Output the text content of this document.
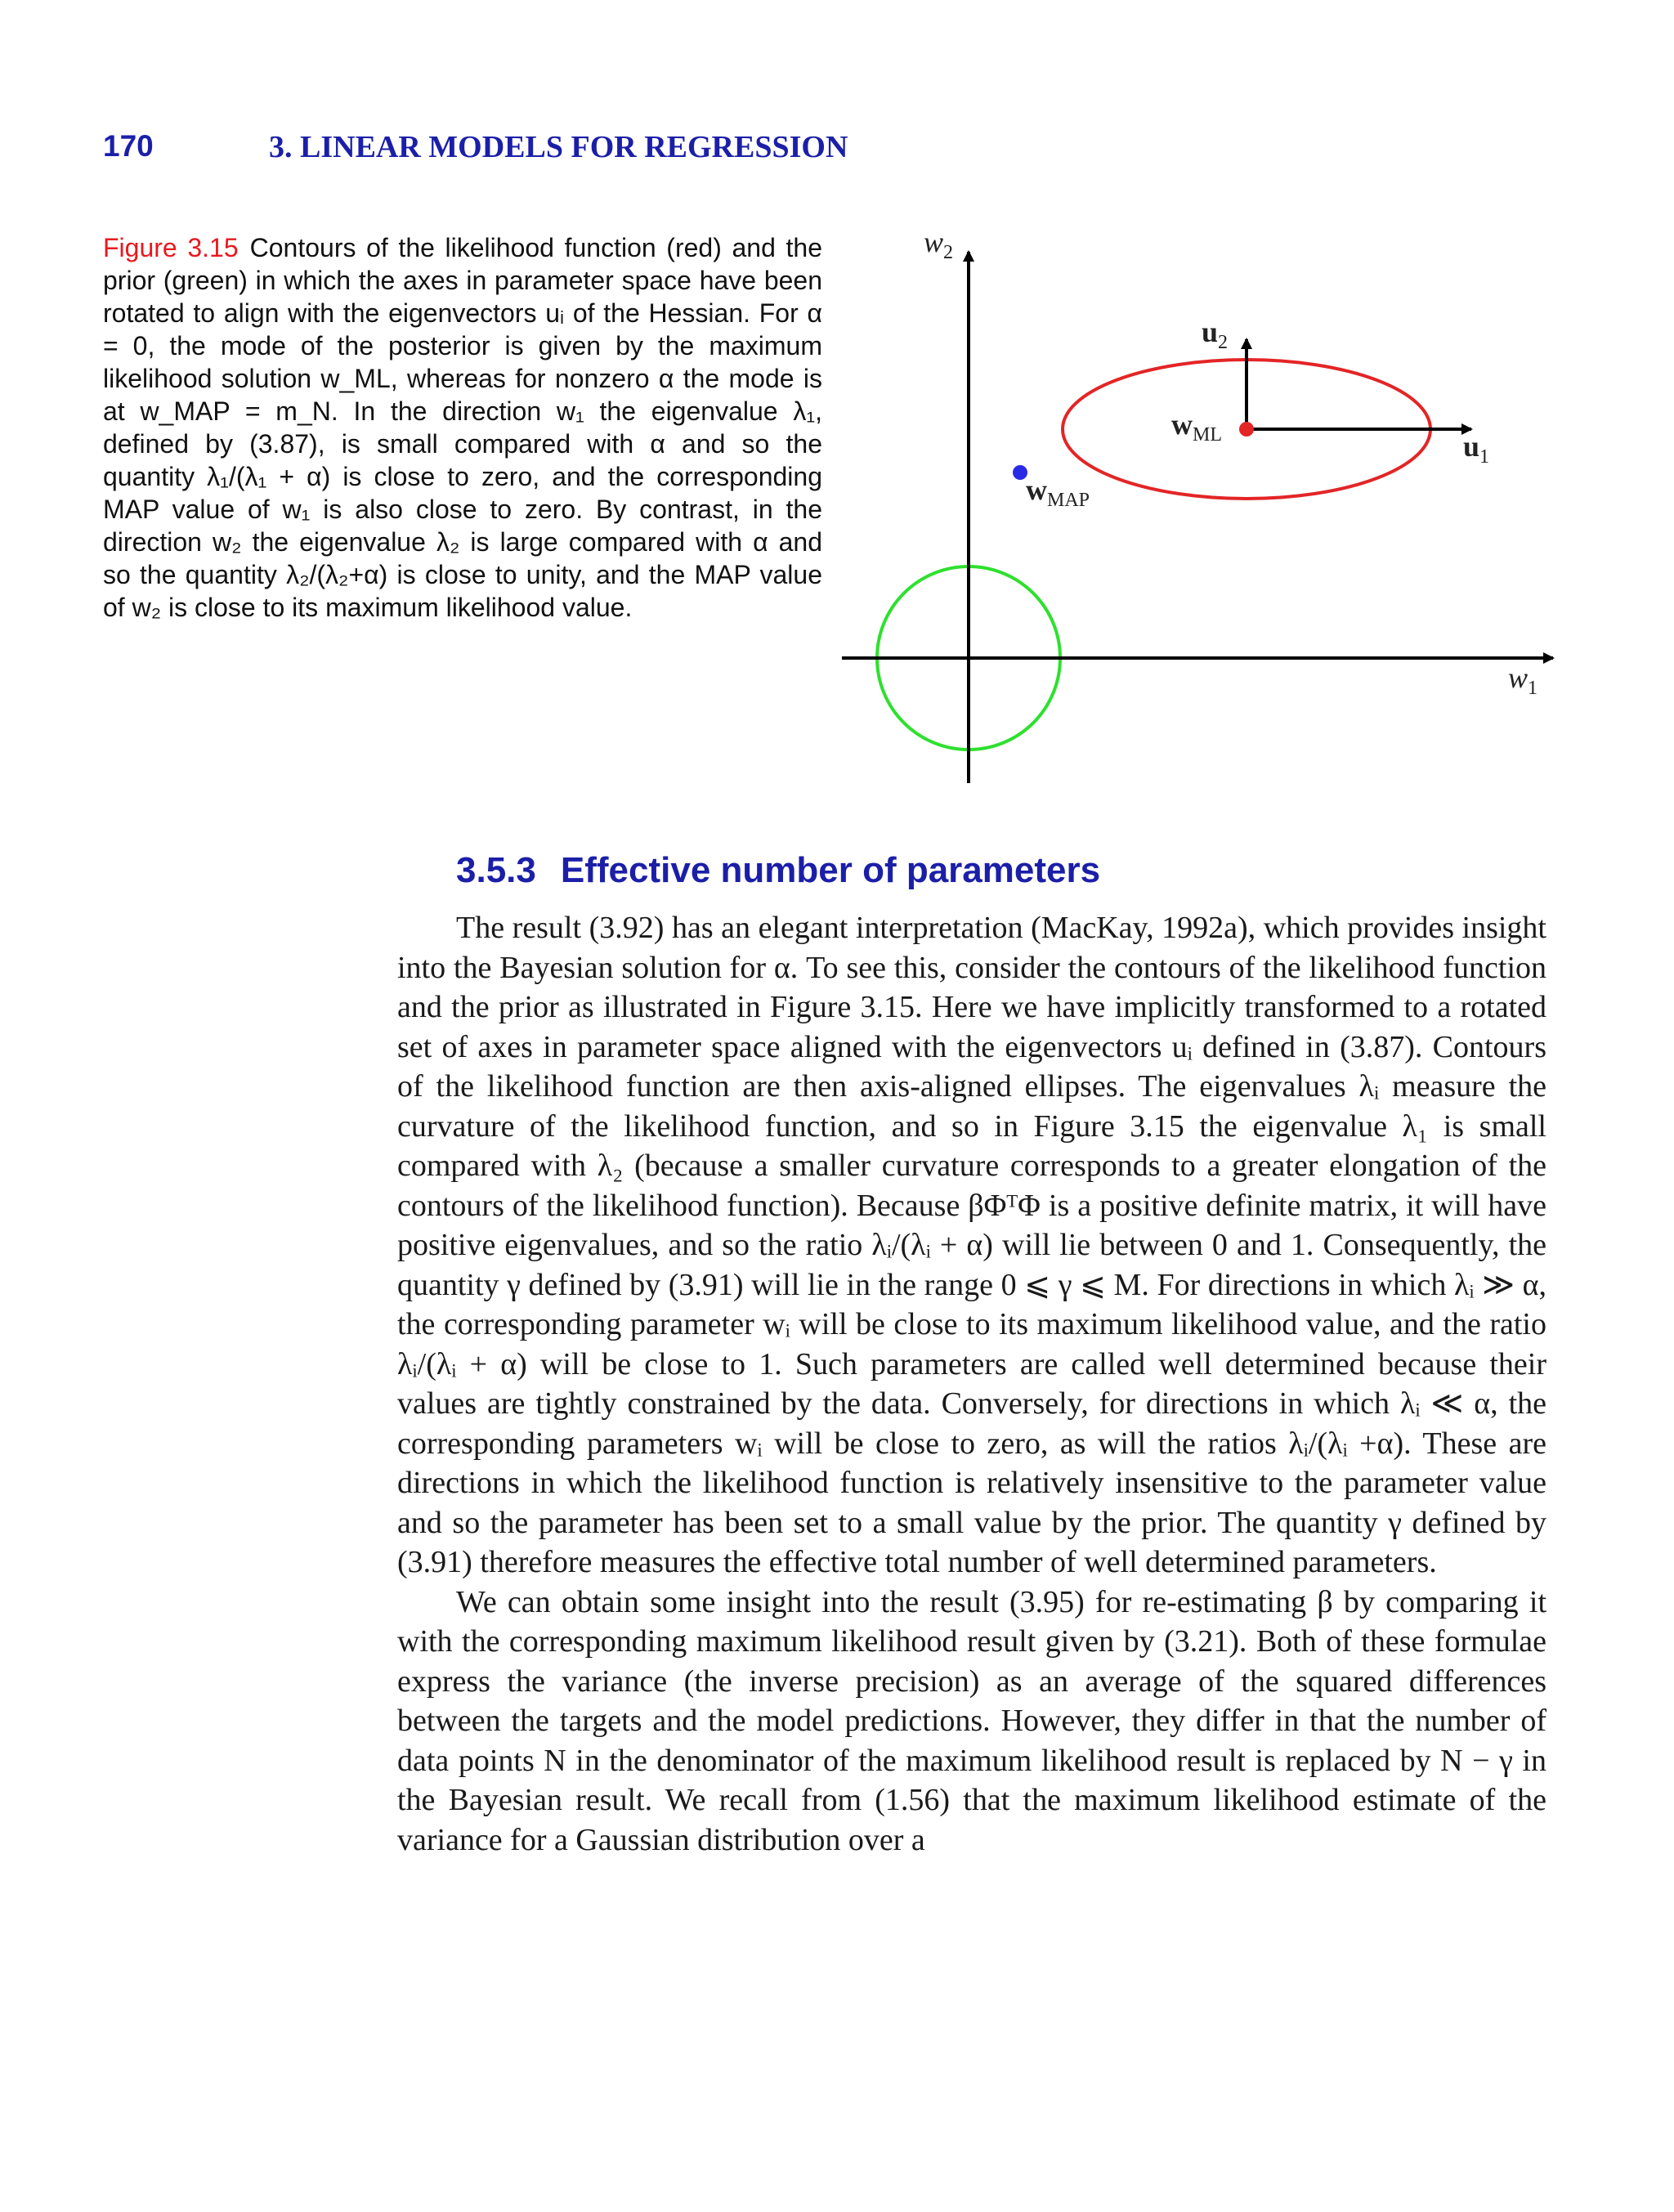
170	3. LINEAR MODELS FOR REGRESSION
Figure 3.15 Contours of the likelihood function (red) and the prior (green) in which the axes in parameter space have been rotated to align with the eigenvectors uᵢ of the Hessian. For α = 0, the mode of the posterior is given by the maximum likelihood solution w_ML, whereas for nonzero α the mode is at w_MAP = m_N. In the direction w₁ the eigenvalue λ₁, defined by (3.87), is small compared with α and so the quantity λ₁/(λ₁ + α) is close to zero, and the corresponding MAP value of w₁ is also close to zero. By contrast, in the direction w₂ the eigenvalue λ₂ is large compared with α and so the quantity λ₂/(λ₂+α) is close to unity, and the MAP value of w₂ is close to its maximum likelihood value.
$w_2$
$w_1$
$u_2$
$u_1$
$w_{ML}$
$w_{MAP}$
3.5.3 Effective number of parameters

The result (3.92) has an elegant interpretation (MacKay, 1992a), which provides insight into the Bayesian solution for α. To see this, consider the contours of the likelihood function and the prior as illustrated in Figure 3.15. Here we have implicitly transformed to a rotated set of axes in parameter space aligned with the eigenvectors uᵢ defined in (3.87). Contours of the likelihood function are then axis-aligned ellipses. The eigenvalues λᵢ measure the curvature of the likelihood function, and so in Figure 3.15 the eigenvalue λ₁ is small compared with λ₂ (because a smaller curvature corresponds to a greater elongation of the contours of the likelihood function). Because βΦᵀΦ is a positive definite matrix, it will have positive eigenvalues, and so the ratio λᵢ/(λᵢ + α) will lie between 0 and 1. Consequently, the quantity γ defined by (3.91) will lie in the range 0 ⩽ γ ⩽ M. For directions in which λᵢ ≫ α, the corresponding parameter wᵢ will be close to its maximum likelihood value, and the ratio λᵢ/(λᵢ + α) will be close to 1. Such parameters are called well determined because their values are tightly constrained by the data. Conversely, for directions in which λᵢ ≪ α, the corresponding parameters wᵢ will be close to zero, as will the ratios λᵢ/(λᵢ +α). These are directions in which the likelihood function is relatively insensitive to the parameter value and so the parameter has been set to a small value by the prior. The quantity γ defined by (3.91) therefore measures the effective total number of well determined parameters.

We can obtain some insight into the result (3.95) for re-estimating β by comparing it with the corresponding maximum likelihood result given by (3.21). Both of these formulae express the variance (the inverse precision) as an average of the squared differences between the targets and the model predictions. However, they differ in that the number of data points N in the denominator of the maximum likelihood result is replaced by N − γ in the Bayesian result. We recall from (1.56) that the maximum likelihood estimate of the variance for a Gaussian distribution over a
